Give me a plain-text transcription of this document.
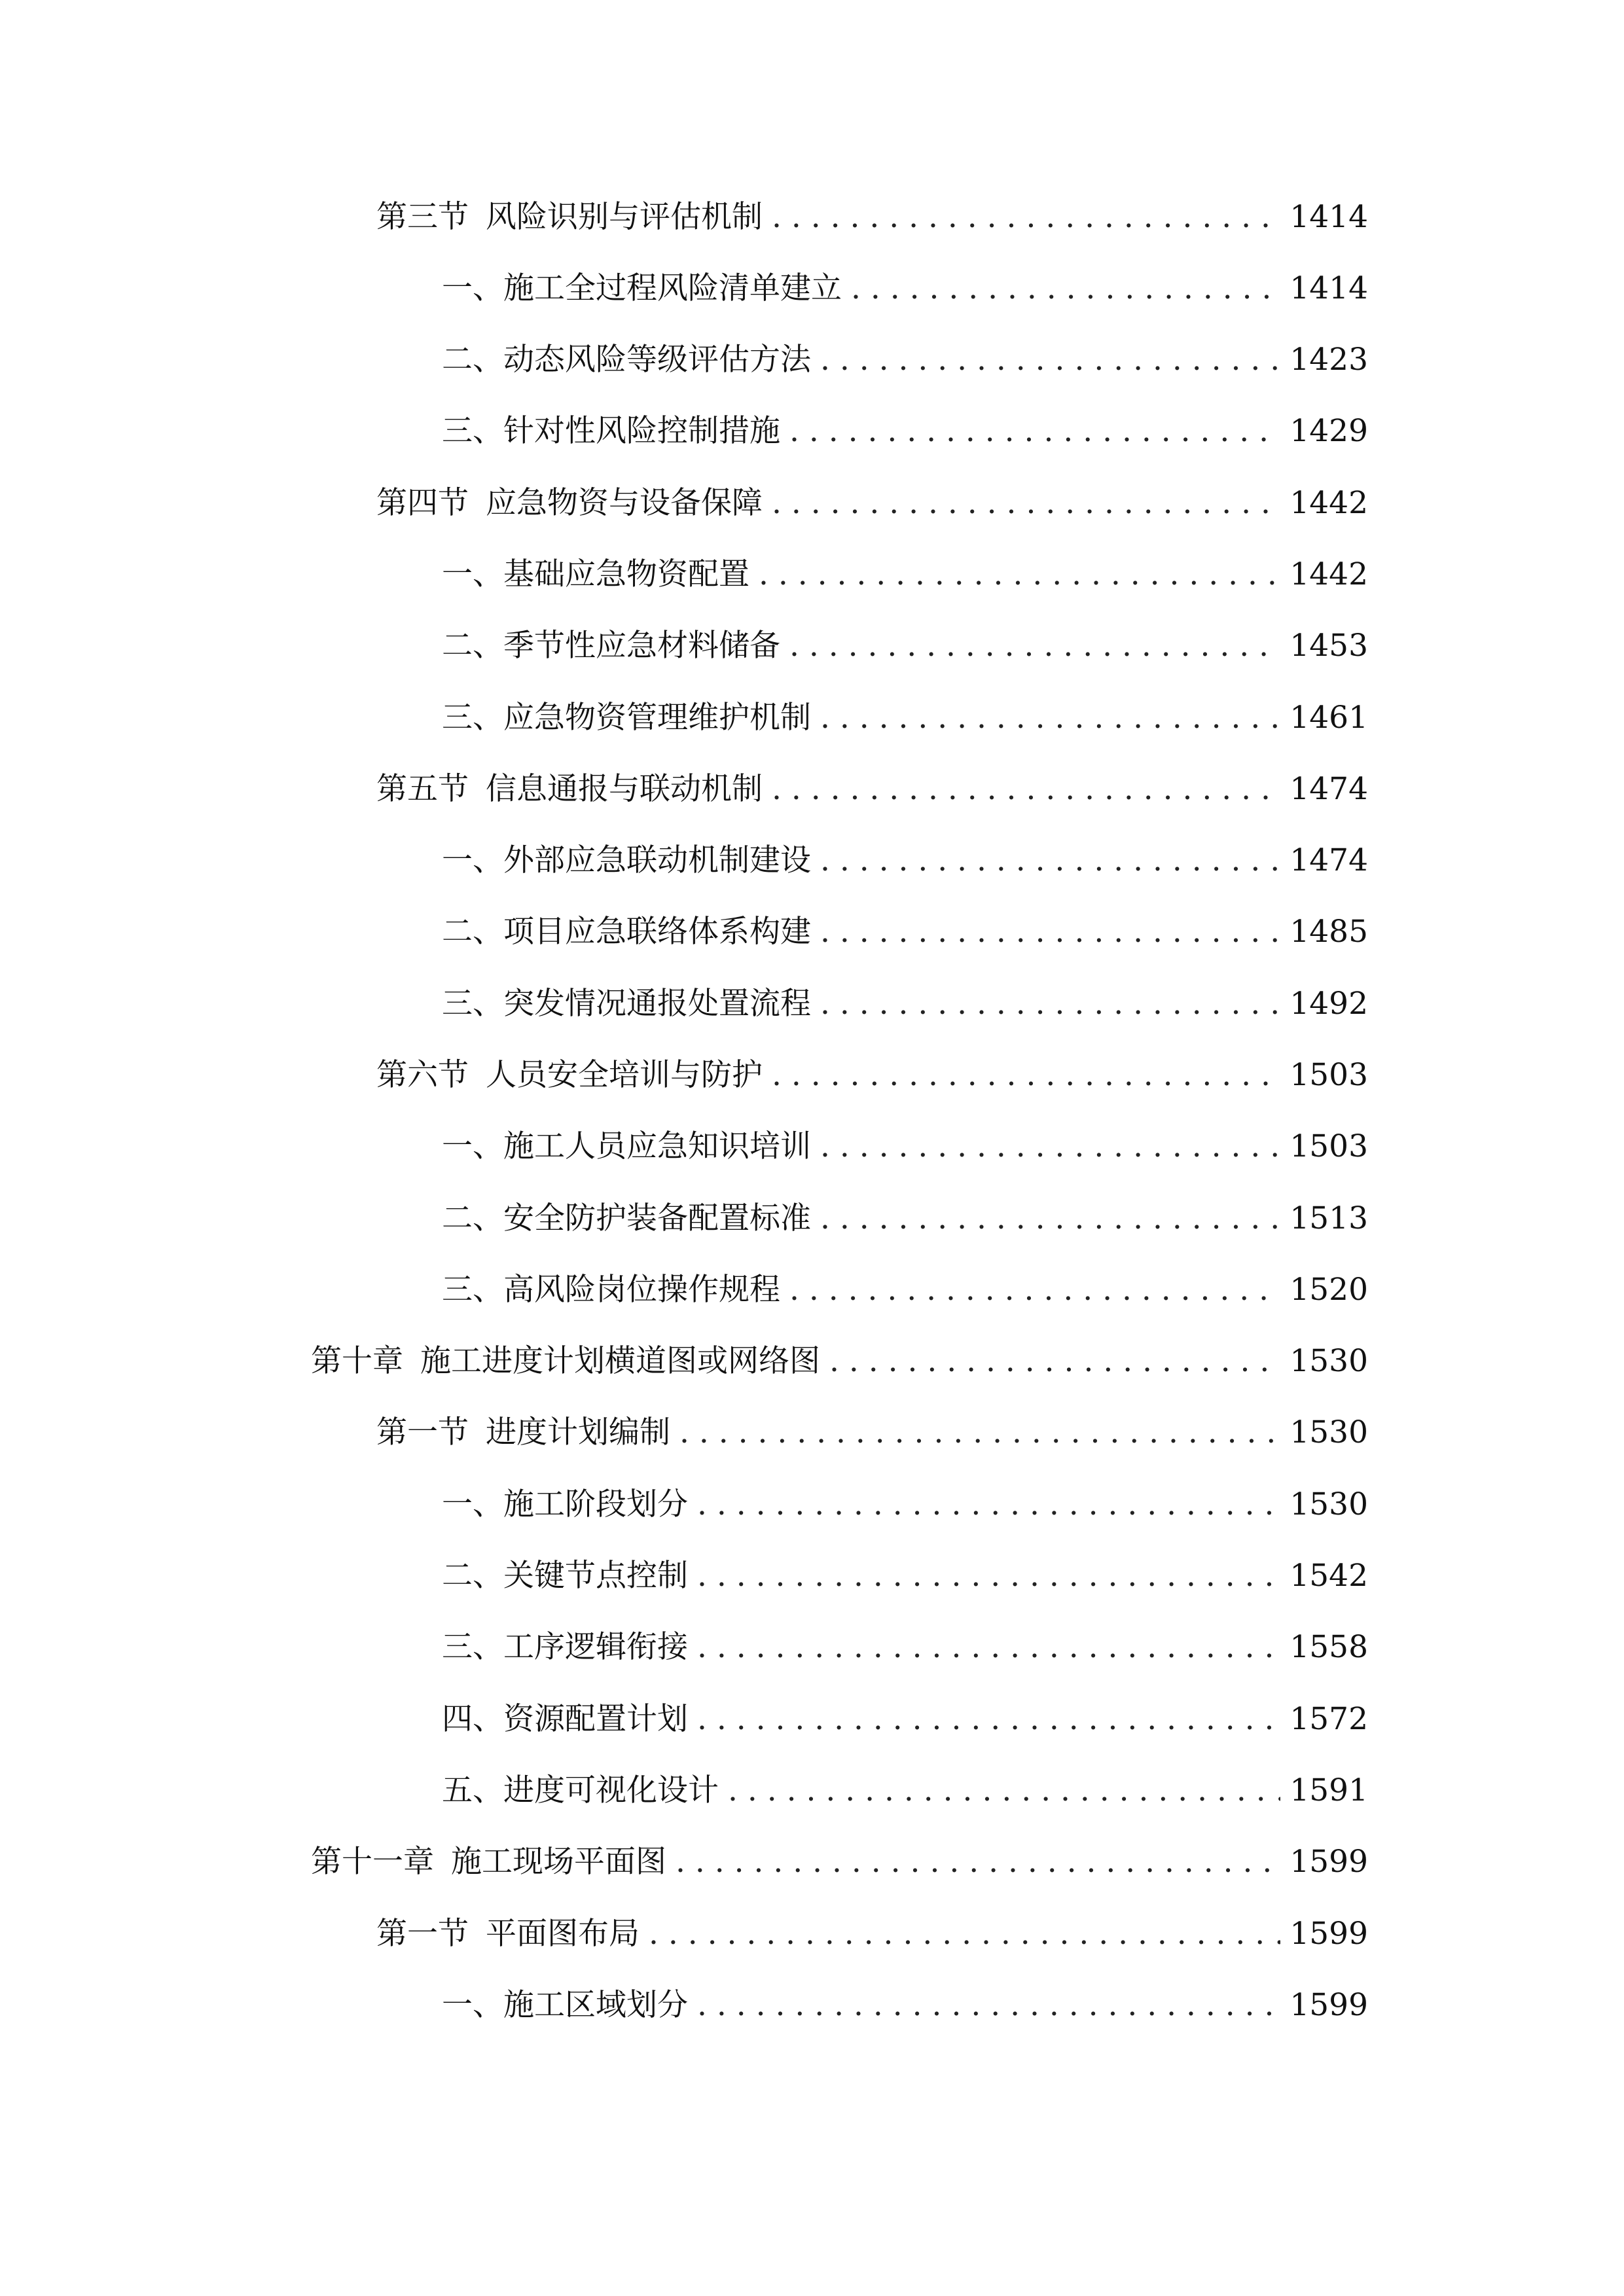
第三节 风险识别与评估机制 . . .	1414
一、 施工全过程风险清单建立 . . .	1414
二、 动态风险等级评估方法 . . .	1423
三、 针对性风险控制措施 . . .	1429
第四节 应急物资与设备保障 . . .	1442
一、 基础应急物资配置 . . .	1442
二、 季节性应急材料储备 . . .	1453
三、 应急物资管理维护机制 . . .	1461
第五节 信息通报与联动机制 . . .	1474
一、 外部应急联动机制建设 . . .	1474
二、 项目应急联络体系构建 . . .	1485
三、 突发情况通报处置流程 . . .	1492
第六节 人员安全培训与防护 . . .	1503
一、 施工人员应急知识培训 . . .	1503
二、 安全防护装备配置标准 . . .	1513
三、 高风险岗位操作规程 . . .	1520
第十章 施工进度计划横道图或网络图 . . .	1530
第一节 进度计划编制 . . .	1530
一、 施工阶段划分 . . .	1530
二、 关键节点控制 . . .	1542
三、 工序逻辑衔接 . . .	1558
四、 资源配置计划 . . .	1572
五、 进度可视化设计 . . .	1591
第十一章 施工现场平面图 . . .	1599
第一节 平面图布局 . . .	1599
一、 施工区域划分 . . .	1599
